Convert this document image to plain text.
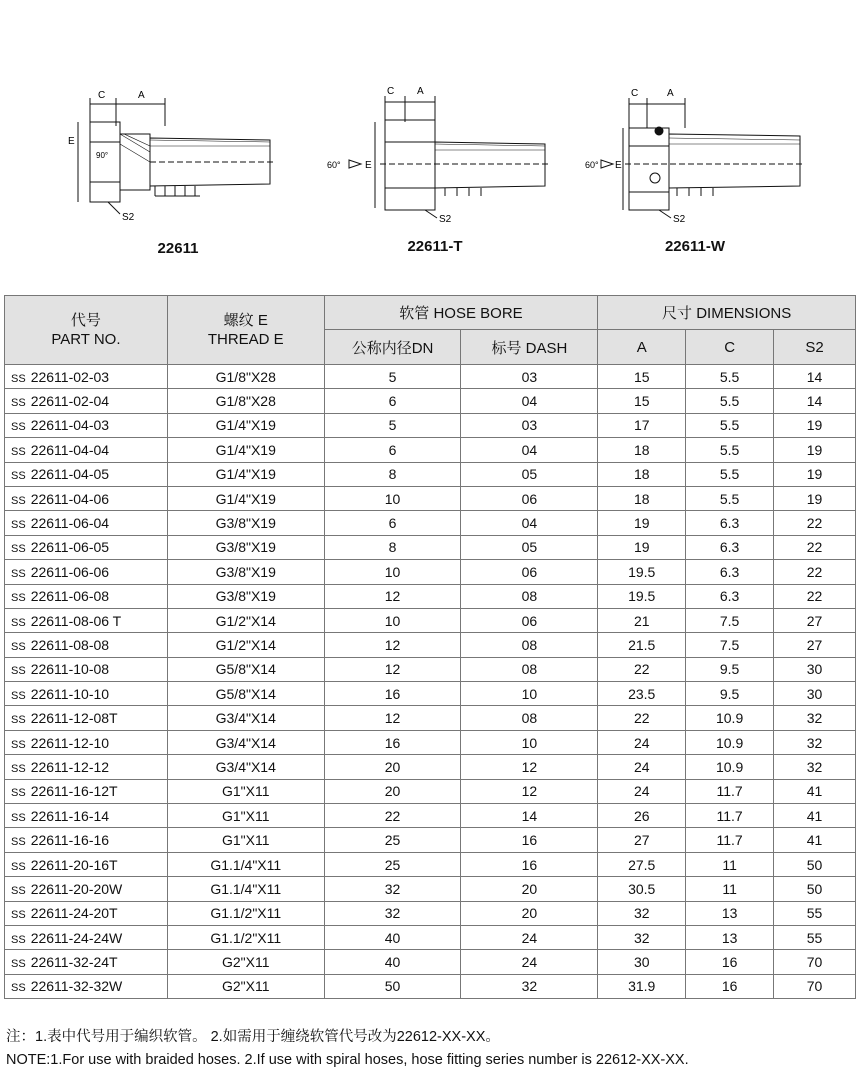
C	A
E
90°
S2
22611
C A
E
60°
S2
22611-T
C	A
E
60°
S2
22611-W
代号
PART NO.	螺纹 E
THREAD E	软管 HOSE BORE		尺寸 DIMENSIONS		
		公称内径DN	标号 DASH	A	C	S2
SS 22611-02-03	G1/8"X28	5	03	15	5.5	14
SS 22611-02-04	G1/8"X28	6	04	15	5.5	14
SS 22611-04-03	G1/4"X19	5	03	17	5.5	19
SS 22611-04-04	G1/4"X19	6	04	18	5.5	19
SS 22611-04-05	G1/4"X19	8	05	18	5.5	19
SS 22611-04-06	G1/4"X19	10	06	18	5.5	19
SS 22611-06-04	G3/8"X19	6	04	19	6.3	22
SS 22611-06-05	G3/8"X19	8	05	19	6.3	22
SS 22611-06-06	G3/8"X19	10	06	19.5	6.3	22
SS 22611-06-08	G3/8"X19	12	08	19.5	6.3	22
SS 22611-08-06 T	G1/2"X14	10	06	21	7.5	27
SS 22611-08-08	G1/2"X14	12	08	21.5	7.5	27
SS 22611-10-08	G5/8"X14	12	08	22	9.5	30
SS 22611-10-10	G5/8"X14	16	10	23.5	9.5	30
SS 22611-12-08T	G3/4"X14	12	08	22	10.9	32
SS 22611-12-10	G3/4"X14	16	10	24	10.9	32
SS 22611-12-12	G3/4"X14	20	12	24	10.9	32
SS 22611-16-12T	G1"X11	20	12	24	11.7	41
SS 22611-16-14	G1"X11	22	14	26	11.7	41
SS 22611-16-16	G1"X11	25	16	27	11.7	41
SS 22611-20-16T	G1.1/4"X11	25	16	27.5	11	50
SS 22611-20-20W	G1.1/4"X11	32	20	30.5	11	50
SS 22611-24-20T	G1.1/2"X11	32	20	32	13	55
SS 22611-24-24W	G1.1/2"X11	40	24	32	13	55
SS 22611-32-24T	G2"X11	40	24	30	16	70
SS 22611-32-32W	G2"X11	50	32	31.9	16	70
注：1.表中代号用于编织软管。 2.如需用于缠绕软管代号改为22612-XX-XX。
NOTE:1.For use with braided hoses. 2.If use with spiral hoses, hose fitting series number is 22612-XX-XX.
